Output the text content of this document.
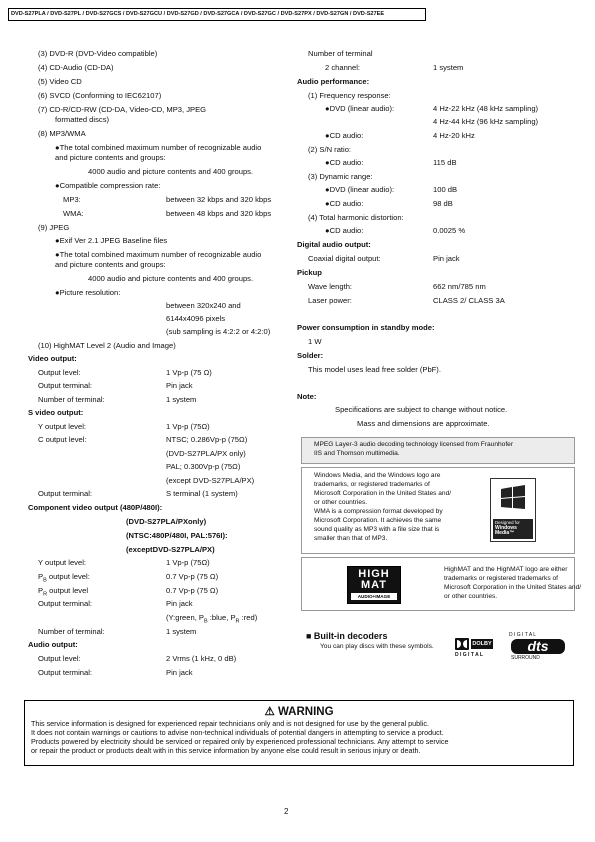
DVD-S27PLA / DVD-S27PL / DVD-S27GCS / DVD-S27GCU / DVD-S27GD / DVD-S27GCA / DVD-S27GC / DVD-S27PX / DVD-S27GN / DVD-S27EE
(3) DVD-R (DVD-Video compatible)
(4) CD-Audio (CD-DA)
(5) Video CD
(6) SVCD (Conforming to IEC62107)
(7) CD-R/CD-RW (CD-DA, Video-CD, MP3, JPEG
formatted discs)
(8) MP3/WMA
●The total combined maximum number of recognizable audio
and picture contents and groups:
4000 audio and picture contents and 400 groups.
●Compatible compression rate:
MP3:	between 32 kbps and 320 kbps
WMA:	between 48 kbps and 320 kbps
(9) JPEG
●Exif Ver 2.1 JPEG Baseline files
●The total combined maximum number of recognizable audio
and picture contents and groups:
4000 audio and picture contents and 400 groups.
●Picture resolution:
between 320x240 and
6144x4096 pixels
(sub sampling is 4:2:2 or 4:2:0)
(10) HighMAT Level 2 (Audio and Image)
Video output:
Output level:	1 Vp-p (75 Ω)
Output terminal:	Pin jack
Number of terminal:	1 system
S video output:
Y output level:	1 Vp-p (75Ω)
C output level:	NTSC; 0.286Vp-p (75Ω)
(DVD-S27PLA/PX only)
PAL; 0.300Vp-p (75Ω)
(except DVD-S27PLA/PX)
Output terminal:	S terminal (1 system)
Component video output (480P/480I):
(DVD-S27PLA/PXonly)
(NTSC:480P/480I, PAL:576I):
(exceptDVD-S27PLA/PX)
Y output level:	1 Vp-p (75Ω)
$P_B$ output level:	0.7 Vp-p (75 Ω)
$P_R$ output level	0.7 Vp-p (75 Ω)
Output terminal:	Pin jack
(Y:green, $P_B$ :blue, $P_R$ :red)
Number of terminal:	1 system
Audio output:
Output level:	2 Vrms (1 kHz, 0 dB)
Output terminal:	Pin jack
Number of terminal
2 channel:	1 system
Audio performance:
(1) Frequency response:
●DVD (linear audio):	4 Hz-22 kHz (48 kHz sampling)
4 Hz-44 kHz (96 kHz sampling)
●CD audio:	4 Hz-20 kHz
(2) S/N ratio:
●CD audio:	115 dB
(3) Dynamic range:
●DVD (linear audio):	100 dB
●CD audio:	98 dB
(4) Total harmonic distortion:
●CD audio:	0.0025 %
Digital audio output:
Coaxial digital output:	Pin jack
Pickup
Wave length:	662 nm/785 nm
Laser power:	CLASS 2/ CLASS 3A
Power consumption in standby mode:
1 W
Solder:
This model uses lead free solder (PbF).
Note:
Specifications are subject to change without notice.
Mass and dimensions are approximate.
MPEG Layer-3 audio decoding technology licensed from Fraunhofer
IIS and Thomson multimedia.
Windows Media, and the Windows logo are
trademarks, or registered trademarks of
Microsoft Corporation in the United States and/
or other countries.
WMA is a compression format developed by
Microsoft Corporation. It achieves the same
sound quality as MP3 with a file size that is
smaller than that of MP3.
Designed for
Windows
Media™
HIGH
MAT
AUDIO+IMAGE
HighMAT and the HighMAT logo are either
trademarks or registered trademarks of
Microsoft Corporation in the United States and/
or other countries.
■ Built-in decoders
You can play discs with these symbols.	DOLBY
D I G I T A L
D I G I T A L
dts
SURROUND
⚠ WARNING
This service information is designed for experienced repair technicians only and is not designed for use by the general public.
It does not contain warnings or cautions to advise non-technical individuals of potential dangers in attempting to service a product.
Products powered by electricity should be serviced or repaired only by experienced professional technicians. Any attempt to service
or repair the product or products dealt with in this service information by anyone else could result in serious injury or death.
2
